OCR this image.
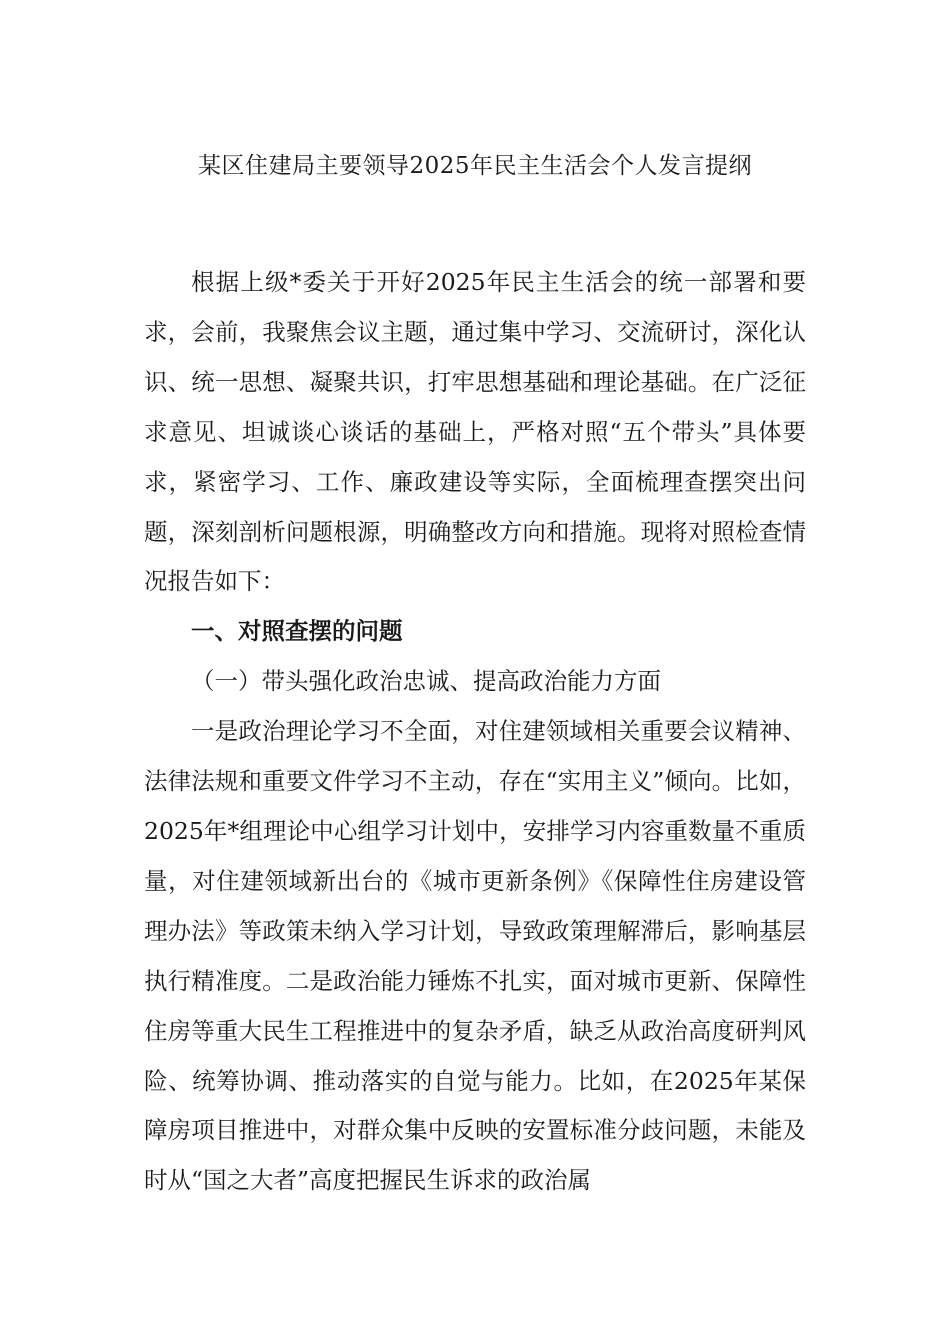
某区住建局主要领导2025年民主生活会个人发言提纲

根据上级*委关于开好2025年民主生活会的统一部署和要求，会前，我聚焦会议主题，通过集中学习、交流研讨，深化认识、统一思想、凝聚共识，打牢思想基础和理论基础。在广泛征求意见、坦诚谈心谈话的基础上，严格对照“五个带头”具体要求，紧密学习、工作、廉政建设等实际，全面梳理查摆突出问题，深刻剖析问题根源，明确整改方向和措施。现将对照检查情况报告如下：

一、对照查摆的问题

（一）带头强化政治忠诚、提高政治能力方面

一是政治理论学习不全面，对住建领域相关重要会议精神、法律法规和重要文件学习不主动，存在“实用主义”倾向。比如，2025年*组理论中心组学习计划中，安排学习内容重数量不重质量，对住建领域新出台的《城市更新条例》《保障性住房建设管理办法》等政策未纳入学习计划，导致政策理解滞后，影响基层执行精准度。二是政治能力锤炼不扎实，面对城市更新、保障性住房等重大民生工程推进中的复杂矛盾，缺乏从政治高度研判风险、统筹协调、推动落实的自觉与能力。比如，在2025年某保障房项目推进中，对群众集中反映的安置标准分歧问题，未能及时从“国之大者”高度把握民生诉求的政治属
